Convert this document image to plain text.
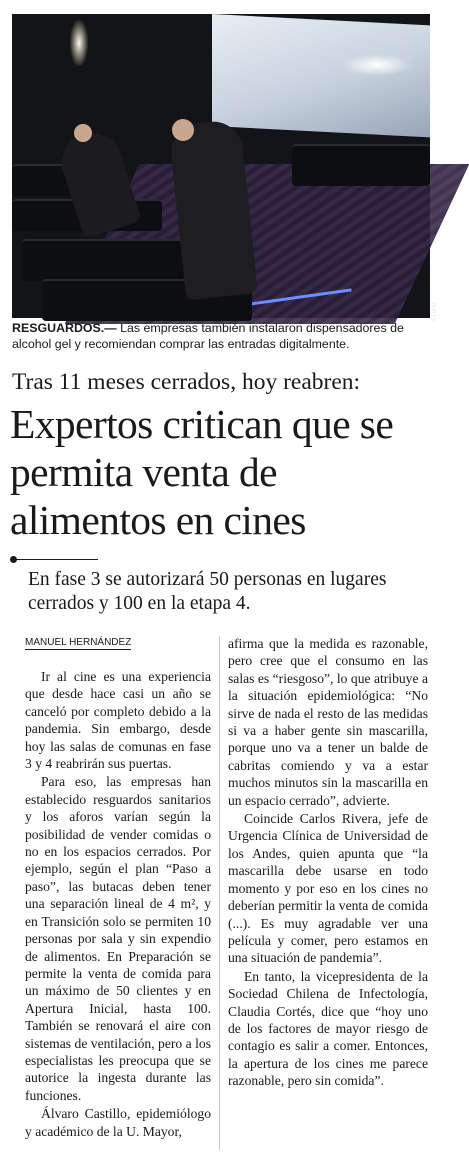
ATON
RESGUARDOS.— Las empresas también instalaron dispensadores de alcohol gel y recomiendan comprar las entradas digitalmente.
Tras 11 meses cerrados, hoy reabren:
Expertos critican que se permita venta de alimentos en cines
En fase 3 se autorizará 50 personas en lugares cerrados y 100 en la etapa 4.
MANUEL HERNÁNDEZ

Ir al cine es una experiencia que desde hace casi un año se canceló por completo debido a la pandemia. Sin embargo, desde hoy las salas de comunas en fase 3 y 4 reabrirán sus puertas.

Para eso, las empresas han establecido resguardos sanitarios y los aforos varían según la posibilidad de vender comidas o no en los espacios cerrados. Por ejemplo, según el plan “Paso a paso”, las butacas deben tener una separación lineal de 4 m², y en Transición solo se permiten 10 personas por sala y sin expendio de alimentos. En Preparación se permite la venta de comida para un máximo de 50 clientes y en Apertura Inicial, hasta 100. También se renovará el aire con sistemas de ventilación, pero a los especialistas les preocupa que se autorice la ingesta durante las funciones.

Álvaro Castillo, epidemiólogo y académico de la U. Mayor,

afirma que la medida es razonable, pero cree que el consumo en las salas es “riesgoso”, lo que atribuye a la situación epidemiológica: “No sirve de nada el resto de las medidas si va a haber gente sin mascarilla, porque uno va a tener un balde de cabritas comiendo y va a estar muchos minutos sin la mascarilla en un espacio cerrado”, advierte.

Coincide Carlos Rivera, jefe de Urgencia Clínica de Universidad de los Andes, quien apunta que “la mascarilla debe usarse en todo momento y por eso en los cines no deberían permitir la venta de comida (...). Es muy agradable ver una película y comer, pero estamos en una situación de pandemia”.

En tanto, la vicepresidenta de la Sociedad Chilena de Infectología, Claudia Cortés, dice que “hoy uno de los factores de mayor riesgo de contagio es salir a comer. Entonces, la apertura de los cines me parece razonable, pero sin comida”.
